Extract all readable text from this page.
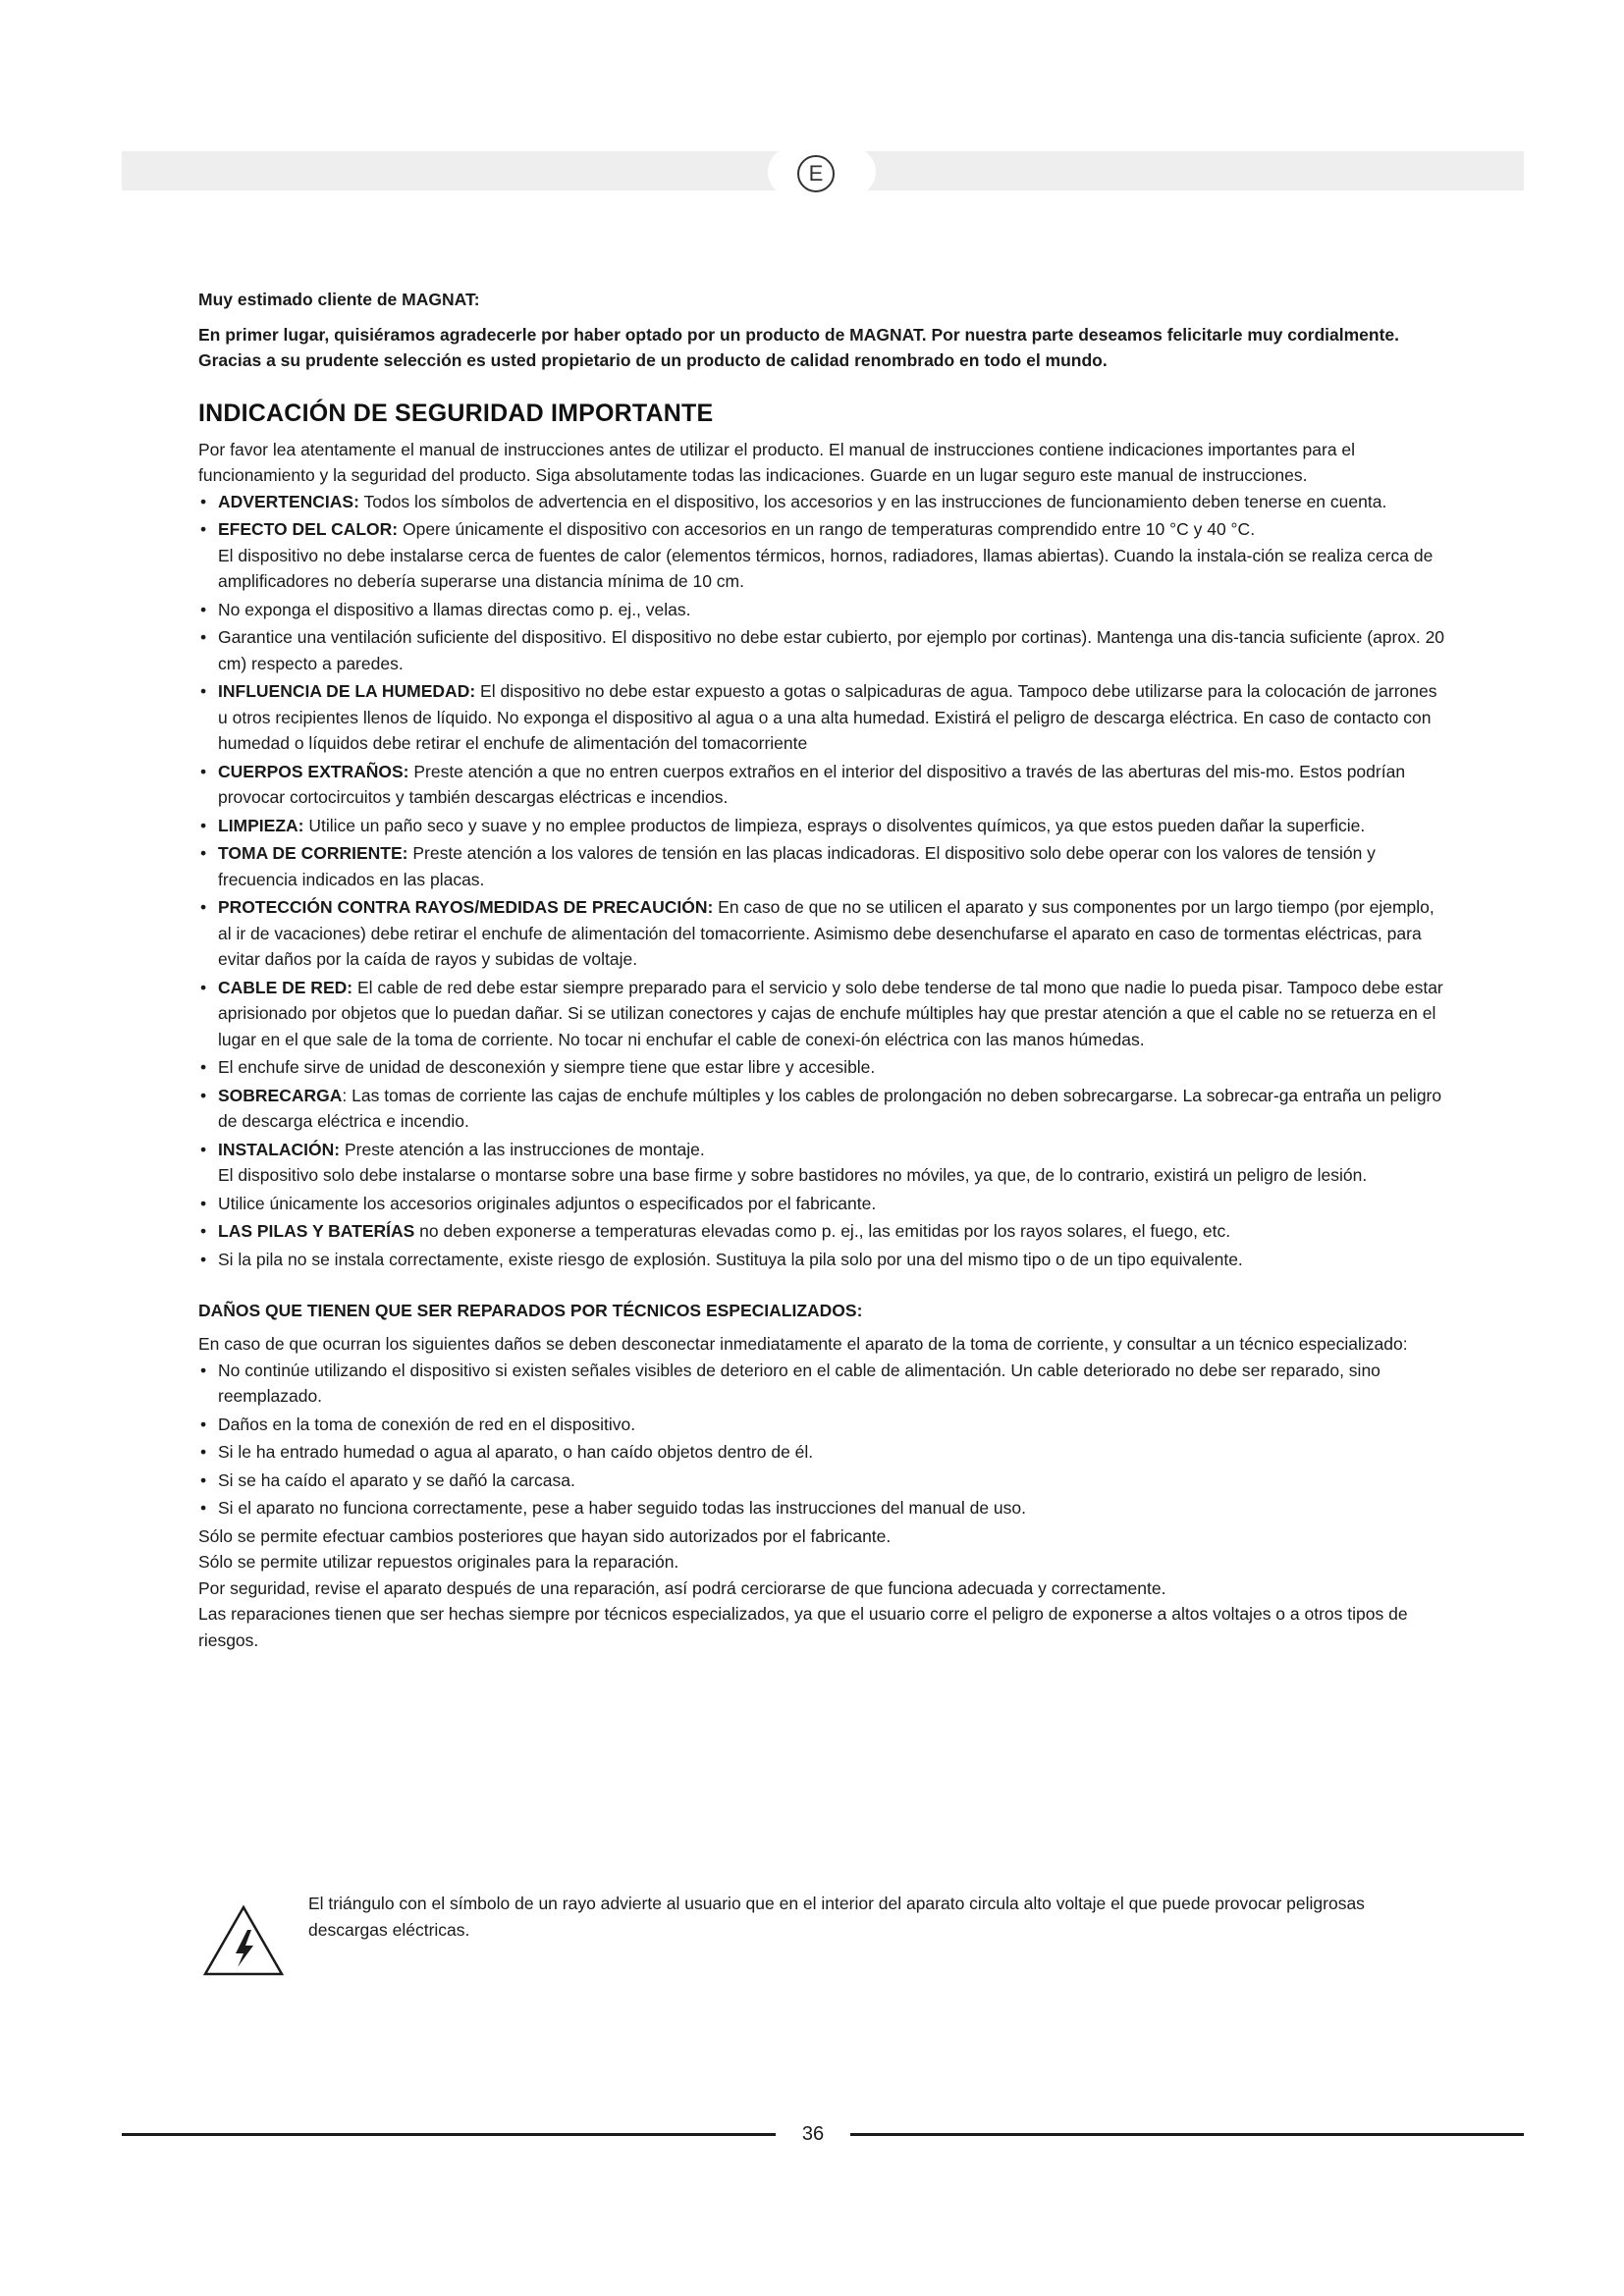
E

Muy estimado cliente de MAGNAT:

En primer lugar, quisiéramos agradecerle por haber optado por un producto de MAGNAT. Por nuestra parte deseamos felicitarle muy cordialmente. Gracias a su prudente selección es usted propietario de un producto de calidad renombrado en todo el mundo.

INDICACIÓN DE SEGURIDAD IMPORTANTE

Por favor lea atentamente el manual de instrucciones antes de utilizar el producto. El manual de instrucciones contiene indicaciones importantes para el funcionamiento y la seguridad del producto. Siga absolutamente todas las indicaciones. Guarde en un lugar seguro este manual de instrucciones.

• ADVERTENCIAS: Todos los símbolos de advertencia en el dispositivo, los accesorios y en las instrucciones de funcionamiento deben tenerse en cuenta.
• EFECTO DEL CALOR: Opere únicamente el dispositivo con accesorios en un rango de temperaturas comprendido entre 10 °C y 40 °C.
El dispositivo no debe instalarse cerca de fuentes de calor (elementos térmicos, hornos, radiadores, llamas abiertas). Cuando la instala-ción se realiza cerca de amplificadores no debería superarse una distancia mínima de 10 cm.
• No exponga el dispositivo a llamas directas como p. ej., velas.
• Garantice una ventilación suficiente del dispositivo. El dispositivo no debe estar cubierto, por ejemplo por cortinas). Mantenga una dis-tancia suficiente (aprox. 20 cm) respecto a paredes.
• INFLUENCIA DE LA HUMEDAD: El dispositivo no debe estar expuesto a gotas o salpicaduras de agua. Tampoco debe utilizarse para la colocación de jarrones u otros recipientes llenos de líquido. No exponga el dispositivo al agua o a una alta humedad. Existirá el peligro de descarga eléctrica. En caso de contacto con humedad o líquidos debe retirar el enchufe de alimentación del tomacorriente
• CUERPOS EXTRAÑOS: Preste atención a que no entren cuerpos extraños en el interior del dispositivo a través de las aberturas del mis-mo. Estos podrían provocar cortocircuitos y también descargas eléctricas e incendios.
• LIMPIEZA: Utilice un paño seco y suave y no emplee productos de limpieza, esprays o disolventes químicos, ya que estos pueden dañar la superficie.
• TOMA DE CORRIENTE: Preste atención a los valores de tensión en las placas indicadoras. El dispositivo solo debe operar con los valores de tensión y frecuencia indicados en las placas.
• PROTECCIÓN CONTRA RAYOS/MEDIDAS DE PRECAUCIÓN: En caso de que no se utilicen el aparato y sus componentes por un largo tiempo (por ejemplo, al ir de vacaciones) debe retirar el enchufe de alimentación del tomacorriente. Asimismo debe desenchufarse el aparato en caso de tormentas eléctricas, para evitar daños por la caída de rayos y subidas de voltaje.
• CABLE DE RED: El cable de red debe estar siempre preparado para el servicio y solo debe tenderse de tal mono que nadie lo pueda pisar. Tampoco debe estar aprisionado por objetos que lo puedan dañar. Si se utilizan conectores y cajas de enchufe múltiples hay que prestar atención a que el cable no se retuerza en el lugar en el que sale de la toma de corriente. No tocar ni enchufar el cable de conexi-ón eléctrica con las manos húmedas.
• El enchufe sirve de unidad de desconexión y siempre tiene que estar libre y accesible.
• SOBRECARGA: Las tomas de corriente las cajas de enchufe múltiples y los cables de prolongación no deben sobrecargarse. La sobrecar-ga entraña un peligro de descarga eléctrica e incendio.
• INSTALACIÓN: Preste atención a las instrucciones de montaje.
El dispositivo solo debe instalarse o montarse sobre una base firme y sobre bastidores no móviles, ya que, de lo contrario, existirá un peligro de lesión.
• Utilice únicamente los accesorios originales adjuntos o especificados por el fabricante.
• LAS PILAS Y BATERÍAS no deben exponerse a temperaturas elevadas como p. ej., las emitidas por los rayos solares, el fuego, etc.
• Si la pila no se instala correctamente, existe riesgo de explosión. Sustituya la pila solo por una del mismo tipo o de un tipo equivalente.
DAÑOS QUE TIENEN QUE SER REPARADOS POR TÉCNICOS ESPECIALIZADOS:

En caso de que ocurran los siguientes daños se deben desconectar inmediatamente el aparato de la toma de corriente, y consultar a un técnico especializado:

• No continúe utilizando el dispositivo si existen señales visibles de deterioro en el cable de alimentación. Un cable deteriorado no debe ser reparado, sino reemplazado.
• Daños en la toma de conexión de red en el dispositivo.
• Si le ha entrado humedad o agua al aparato, o han caído objetos dentro de él.
• Si se ha caído el aparato y se dañó la carcasa.
• Si el aparato no funciona correctamente, pese a haber seguido todas las instrucciones del manual de uso.

Sólo se permite efectuar cambios posteriores que hayan sido autorizados por el fabricante.

Sólo se permite utilizar repuestos originales para la reparación.

Por seguridad, revise el aparato después de una reparación, así podrá cerciorarse de que funciona adecuada y correctamente.

Las reparaciones tienen que ser hechas siempre por técnicos especializados, ya que el usuario corre el peligro de exponerse a altos voltajes o a otros tipos de riesgos.

El triángulo con el símbolo de un rayo advierte al usuario que en el interior del aparato circula alto voltaje el que puede provocar peligrosas descargas eléctricas.
36
